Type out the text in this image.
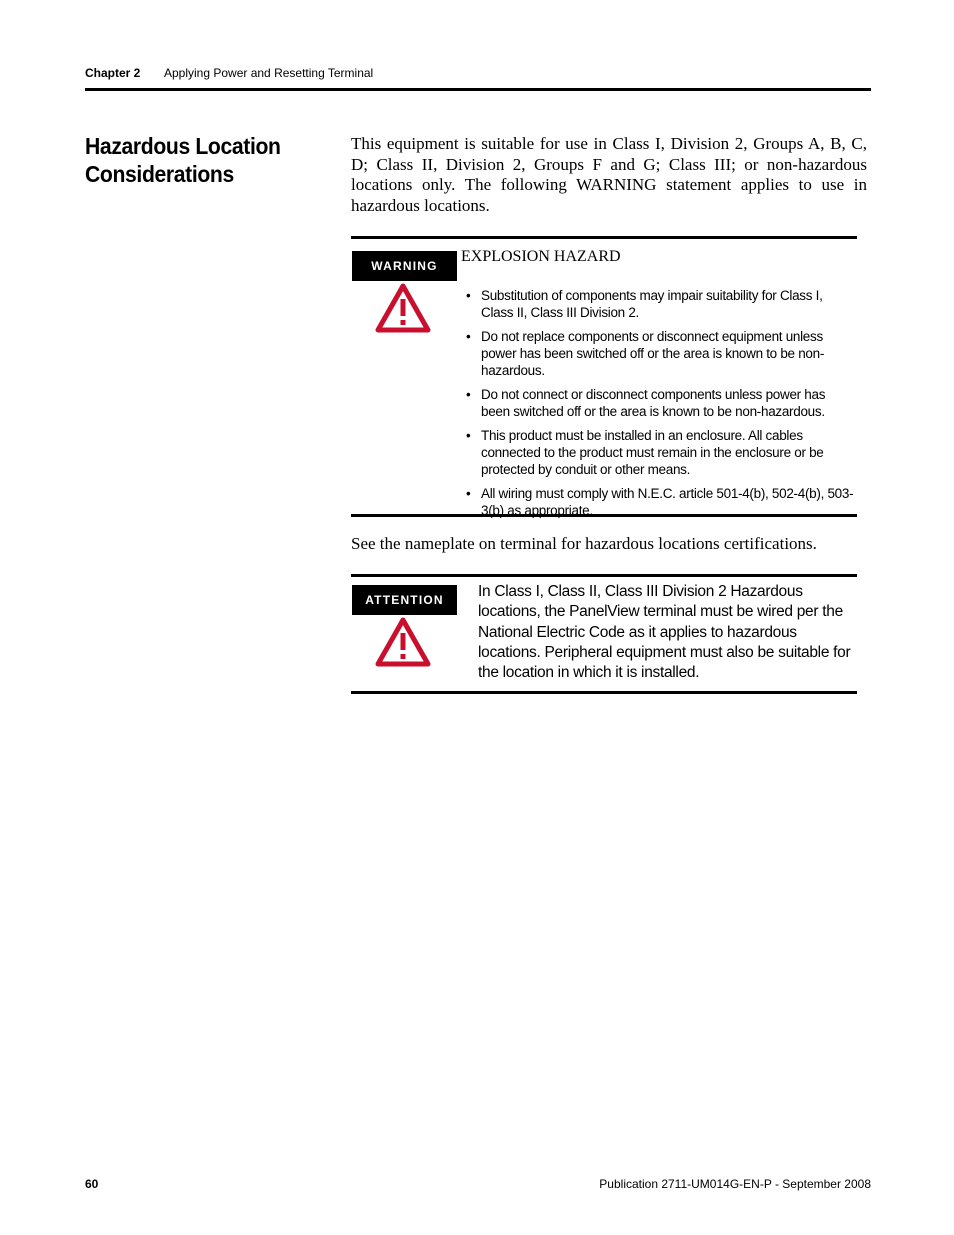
Chapter 2 Applying Power and Resetting Terminal
Hazardous Location Considerations
This equipment is suitable for use in Class I, Division 2, Groups A, B, C, D; Class II, Division 2, Groups F and G; Class III; or non-hazardous locations only. The following WARNING statement applies to use in hazardous locations.
WARNING
EXPLOSION HAZARD
• Substitution of components may impair suitability for Class I, Class II, Class III Division 2.
• Do not replace components or disconnect equipment unless power has been switched off or the area is known to be non-hazardous.
• Do not connect or disconnect components unless power has been switched off or the area is known to be non-hazardous.
• This product must be installed in an enclosure. All cables connected to the product must remain in the enclosure or be protected by conduit or other means.
• All wiring must comply with N.E.C. article 501-4(b), 502-4(b), 503-3(b) as appropriate.
See the nameplate on terminal for hazardous locations certifications.
ATTENTION	In Class I, Class II, Class III Division 2 Hazardous locations, the PanelView terminal must be wired per the National Electric Code as it applies to hazardous locations. Peripheral equipment must also be suitable for the location in which it is installed.
60	Publication 2711-UM014G-EN-P - September 2008
